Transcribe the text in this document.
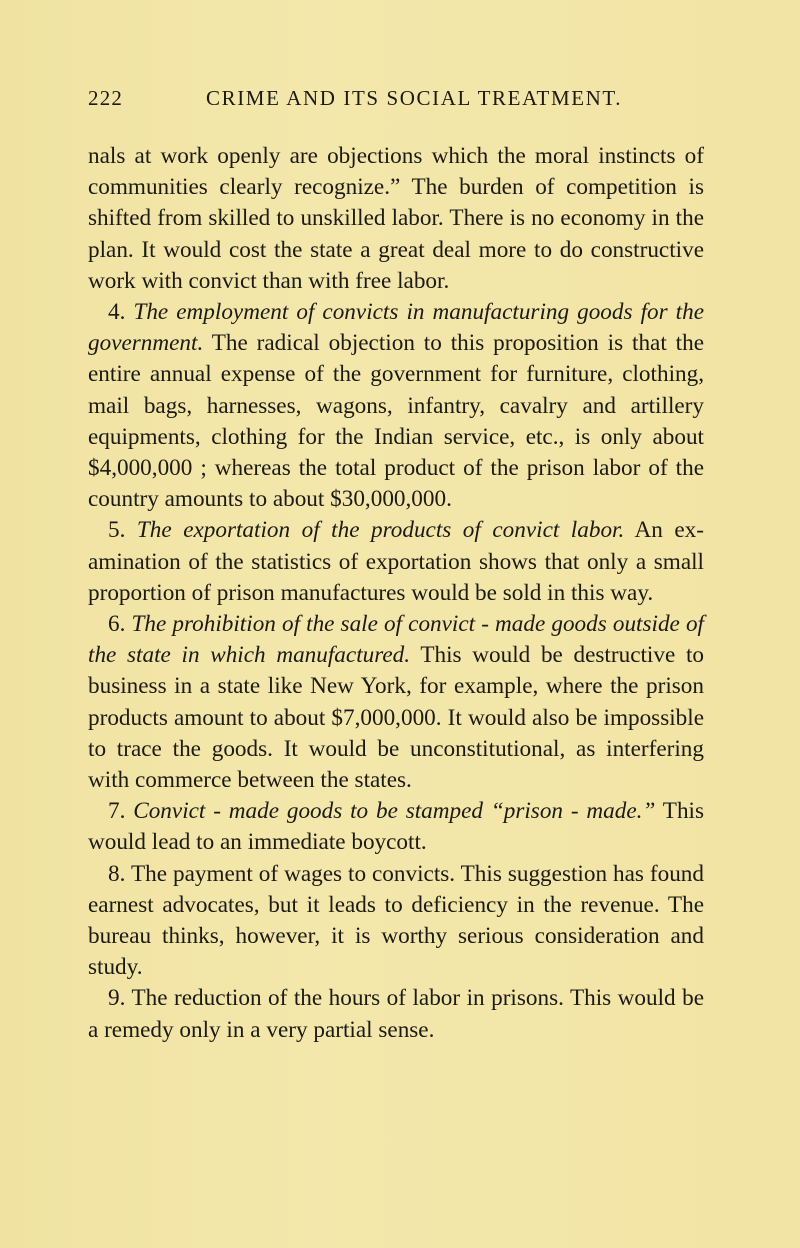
222	CRIME AND ITS SOCIAL TREATMENT.

nals at work openly are objections which the moral instincts of communities clearly recognize.” The burden of competition is shifted from skilled to unskilled labor. There is no economy in the plan. It would cost the state a great deal more to do constructive work with convict than with free labor.

4. The employment of convicts in manufacturing goods for the government. The radical objection to this proposition is that the entire annual expense of the government for furniture, clothing, mail bags, harnesses, wagons, infantry, cavalry and artillery equipments, clothing for the Indian service, etc., is only about $4,000,000 ; whereas the total product of the prison labor of the country amounts to about $30,000,000.

5. The exportation of the products of convict labor. An examination of the statistics of exportation shows that only a small proportion of prison manufactures would be sold in this way.

6. The prohibition of the sale of convict - made goods outside of the state in which manufactured. This would be destructive to business in a state like New York, for example, where the prison products amount to about $7,000,000. It would also be impossible to trace the goods. It would be unconstitutional, as interfering with commerce between the states.

7. Convict - made goods to be stamped “prison - made.” This would lead to an immediate boycott.

8. The payment of wages to convicts. This suggestion has found earnest advocates, but it leads to deficiency in the revenue. The bureau thinks, however, it is worthy serious consideration and study.

9. The reduction of the hours of labor in prisons. This would be a remedy only in a very partial sense.
